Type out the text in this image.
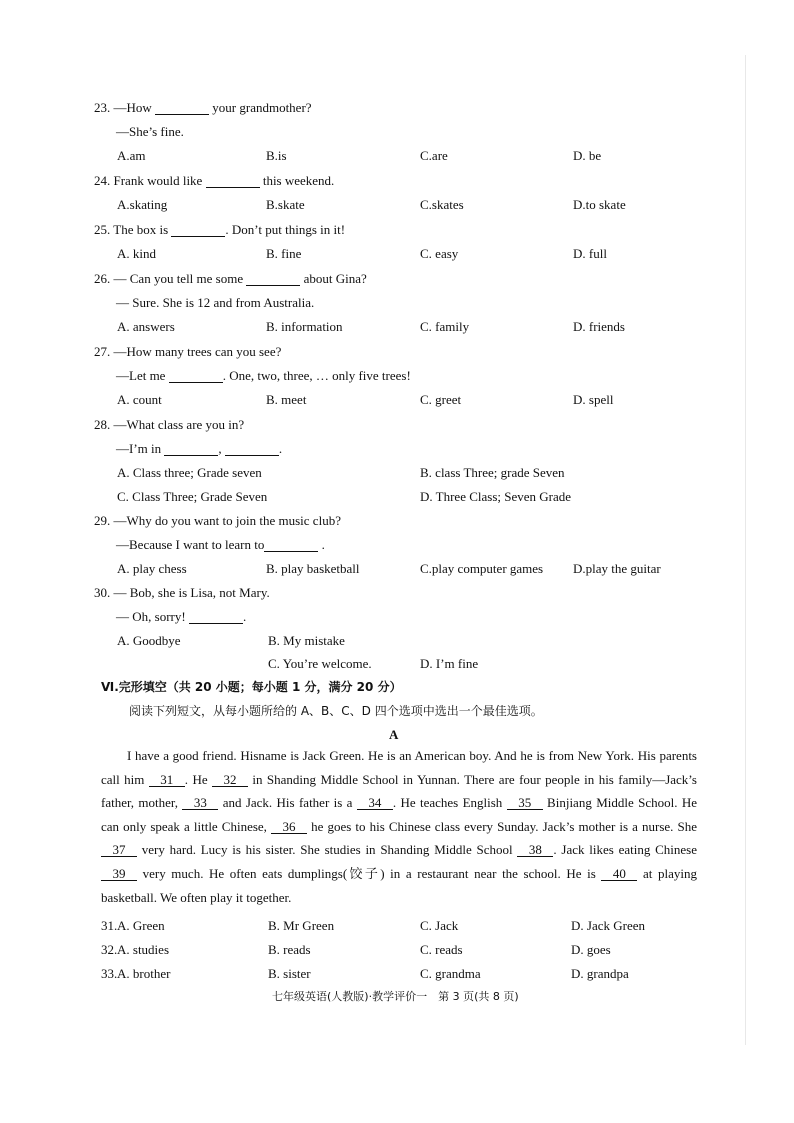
23. —How	your grandmother?
—She’s fine.
A.am	B.is	C.are	D. be
24. Frank would like	this weekend.
A.skating	B.skate	C.skates	D.to skate
25. The box is	. Don’t put things in it!
A. kind	B. fine	C. easy	D. full
26. — Can you tell me some	about Gina?
— Sure. She is 12 and from Australia.
A. answers	B. information	C. family	D. friends
27. —How many trees can you see?
—Let me	. One, two, three, … only five trees!
A. count	B. meet	C. greet	D. spell
28. —What class are you in?
—I’m in	,	.
A. Class three; Grade seven	B. class Three; grade Seven
C. Class Three; Grade Seven	D. Three Class; Seven Grade
29. —Why do you want to join the music club?
—Because I want to learn to	.
A. play chess	B. play basketball	C.play computer games D.play the guitar
30. — Bob, she is Lisa, not Mary.
— Oh, sorry!	.
A. Goodbye	B. My mistake
C. You’re welcome.	D. I’m fine
Ⅵ.完形填空（共 20 小题；每小题 1 分，满分 20 分）
阅读下列短文，从每小题所给的 A、B、C、D 四个选项中选出一个最佳选项。
A
I have a good friend. Hisname is Jack Green. He is an American boy. And he is from New York. His parents call him 31 . He 32 in Shanding Middle School in Yunnan. There are four people in his family—Jack’s father, mother, 33 and Jack. His father is a 34 . He teaches English 35 Binjiang Middle School. He can only speak a little Chinese, 36 he goes to his Chinese class every Sunday. Jack’s mother is a nurse. She 37 very hard. Lucy is his sister. She studies in Shanding Middle School 38 . Jack likes eating Chinese 39 very much. He often eats dumplings(饺子) in a restaurant near the school. He is 40 at playing basketball. We often play it together.
31. A. Green	B. Mr Green	C. Jack	D. Jack Green
32. A. studies	B. reads	C. reads	D. goes
33. A. brother	B. sister	C. grandma	D. grandpa
七年级英语(人教版)·教学评价一　第 3 页(共 8 页)
